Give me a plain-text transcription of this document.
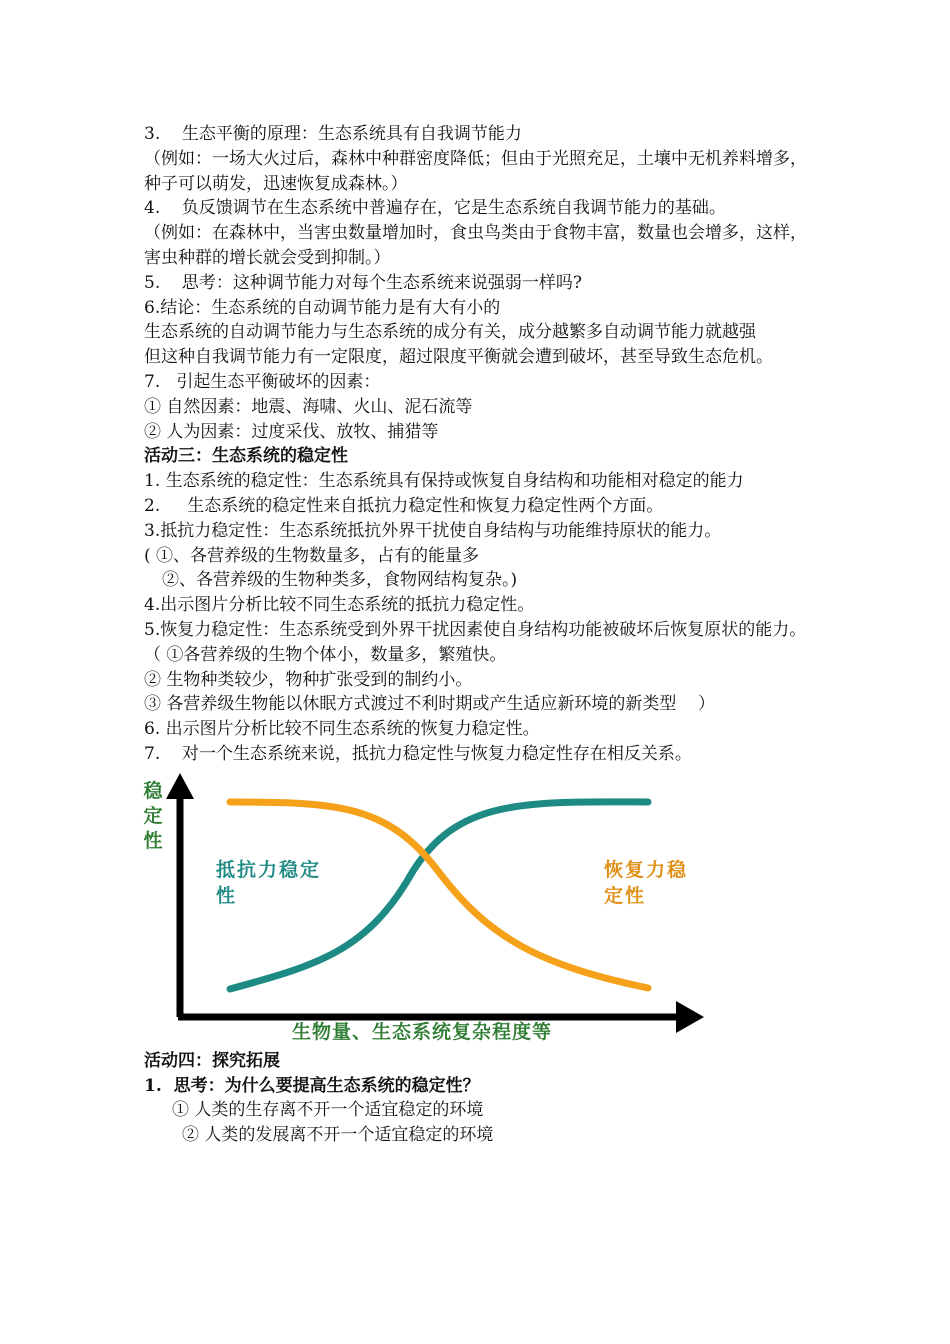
3.    生态平衡的原理：生态系统具有自我调节能力
（例如：一场大火过后，森林中种群密度降低；但由于光照充足，土壤中无机养料增多，种子可以萌发，迅速恢复成森林。）
4.    负反馈调节在生态系统中普遍存在，它是生态系统自我调节能力的基础。
（例如：在森林中，当害虫数量增加时，食虫鸟类由于食物丰富，数量也会增多，这样，害虫种群的增长就会受到抑制。）
5.    思考：这种调节能力对每个生态系统来说强弱一样吗?
6.结论：生态系统的自动调节能力是有大有小的
生态系统的自动调节能力与生态系统的成分有关，成分越繁多自动调节能力就越强
但这种自我调节能力有一定限度，超过限度平衡就会遭到破坏，甚至导致生态危机。
7.   引起生态平衡破坏的因素：
① 自然因素：地震、海啸、火山、泥石流等
② 人为因素：过度采伐、放牧、捕猎等
活动三：生态系统的稳定性
1. 生态系统的稳定性：生态系统具有保持或恢复自身结构和功能相对稳定的能力
2.     生态系统的稳定性来自抵抗力稳定性和恢复力稳定性两个方面。
3.抵抗力稳定性：生态系统抵抗外界干扰使自身结构与功能维持原状的能力。
( ①、各营养级的生物数量多，占有的能量多
②、各营养级的生物种类多，食物网结构复杂。)
4.出示图片分析比较不同生态系统的抵抗力稳定性。
5.恢复力稳定性：生态系统受到外界干扰因素使自身结构功能被破坏后恢复原状的能力。
（ ①各营养级的生物个体小，数量多，繁殖快。
② 生物种类较少，物种扩张受到的制约小。
③ 各营养级生物能以休眠方式渡过不利时期或产生适应新环境的新类型    ）
6. 出示图片分析比较不同生态系统的恢复力稳定性。
7.    对一个生态系统来说，抵抗力稳定性与恢复力稳定性存在相反关系。
稳定性
抵抗力稳定性
恢复力稳定性
生物量、生态系统复杂程度等
活动四：探究拓展
1.  思考：为什么要提高生态系统的稳定性？
① 人类的生存离不开一个适宜稳定的环境
② 人类的发展离不开一个适宜稳定的环境
